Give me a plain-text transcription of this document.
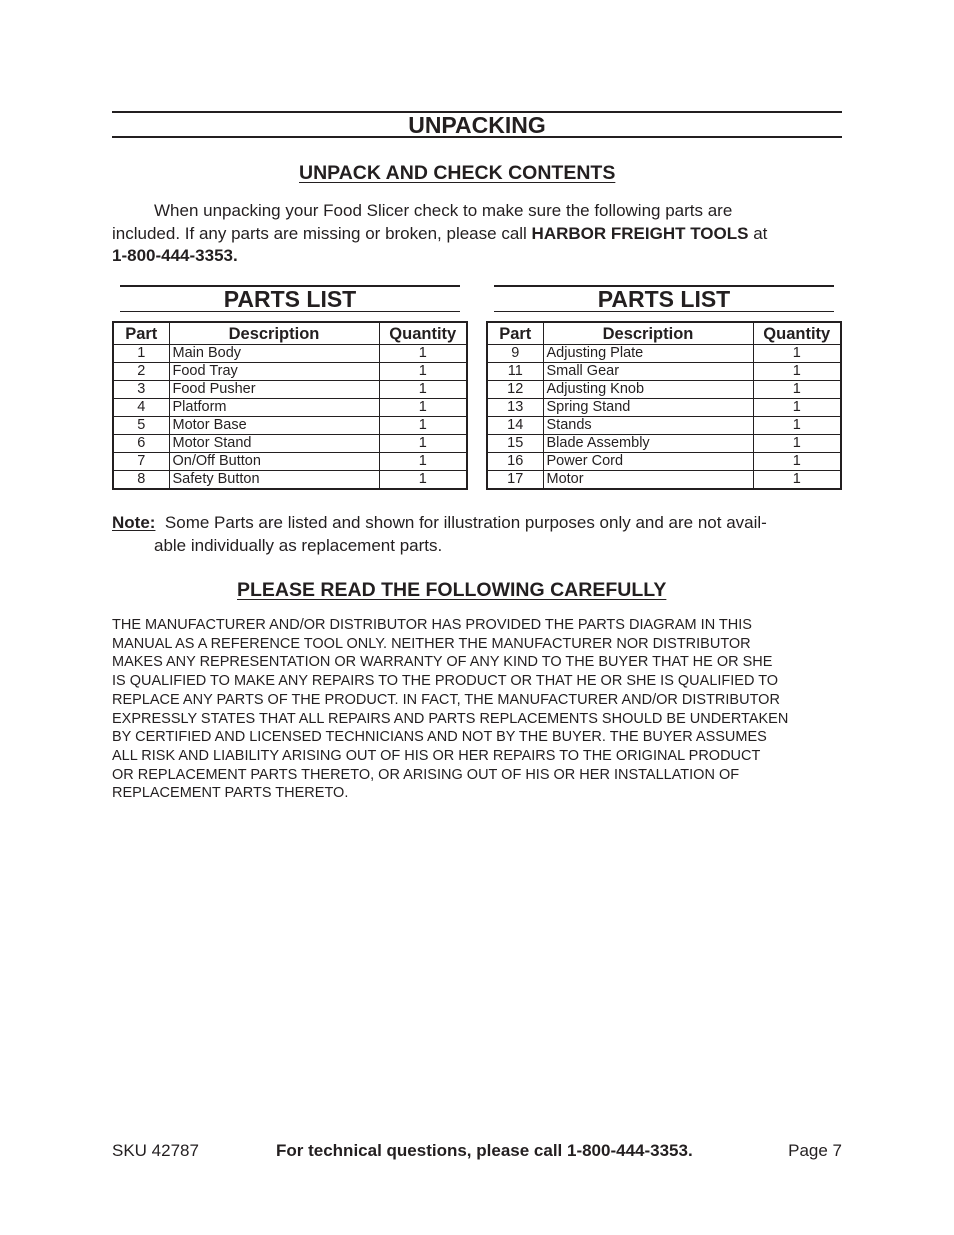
UNPACKING
UNPACK AND CHECK CONTENTS
When unpacking your Food Slicer check to make sure the following parts are
included. If any parts are missing or broken, please call HARBOR FREIGHT TOOLS at
1-800-444-3353.
PARTS LIST	PARTS LIST
Part	Description	Quantity
1	Main Body	1
2	Food Tray	1
3	Food Pusher	1
4	Platform	1
5	Motor Base	1
6	Motor Stand	1
7	On/Off Button	1
8	Safety Button	1
Part	Description	Quantity
9	Adjusting Plate	1
11	Small Gear	1
12	Adjusting Knob	1
13	Spring Stand	1
14	Stands	1
15	Blade Assembly	1
16	Power Cord	1
17	Motor	1
Note:  Some Parts are listed and shown for illustration purposes only and are not avail-

able individually as replacement parts.
PLEASE READ THE FOLLOWING CAREFULLY
THE MANUFACTURER AND/OR DISTRIBUTOR HAS PROVIDED THE PARTS DIAGRAM IN THIS
MANUAL AS A REFERENCE TOOL ONLY. NEITHER THE MANUFACTURER NOR DISTRIBUTOR
MAKES ANY REPRESENTATION OR WARRANTY OF ANY KIND TO THE BUYER THAT HE OR SHE
IS QUALIFIED TO MAKE ANY REPAIRS TO THE PRODUCT OR THAT HE OR SHE IS QUALIFIED TO
REPLACE ANY PARTS OF THE PRODUCT. IN FACT, THE MANUFACTURER AND/OR DISTRIBUTOR
EXPRESSLY STATES THAT ALL REPAIRS AND PARTS REPLACEMENTS SHOULD BE UNDERTAKEN
BY CERTIFIED AND LICENSED TECHNICIANS AND NOT BY THE BUYER. THE BUYER ASSUMES
ALL RISK AND LIABILITY ARISING OUT OF HIS OR HER REPAIRS TO THE ORIGINAL PRODUCT
OR REPLACEMENT PARTS THERETO, OR ARISING OUT OF HIS OR HER INSTALLATION OF
REPLACEMENT PARTS THERETO.
SKU 42787	For technical questions, please call 1-800-444-3353.	Page 7
